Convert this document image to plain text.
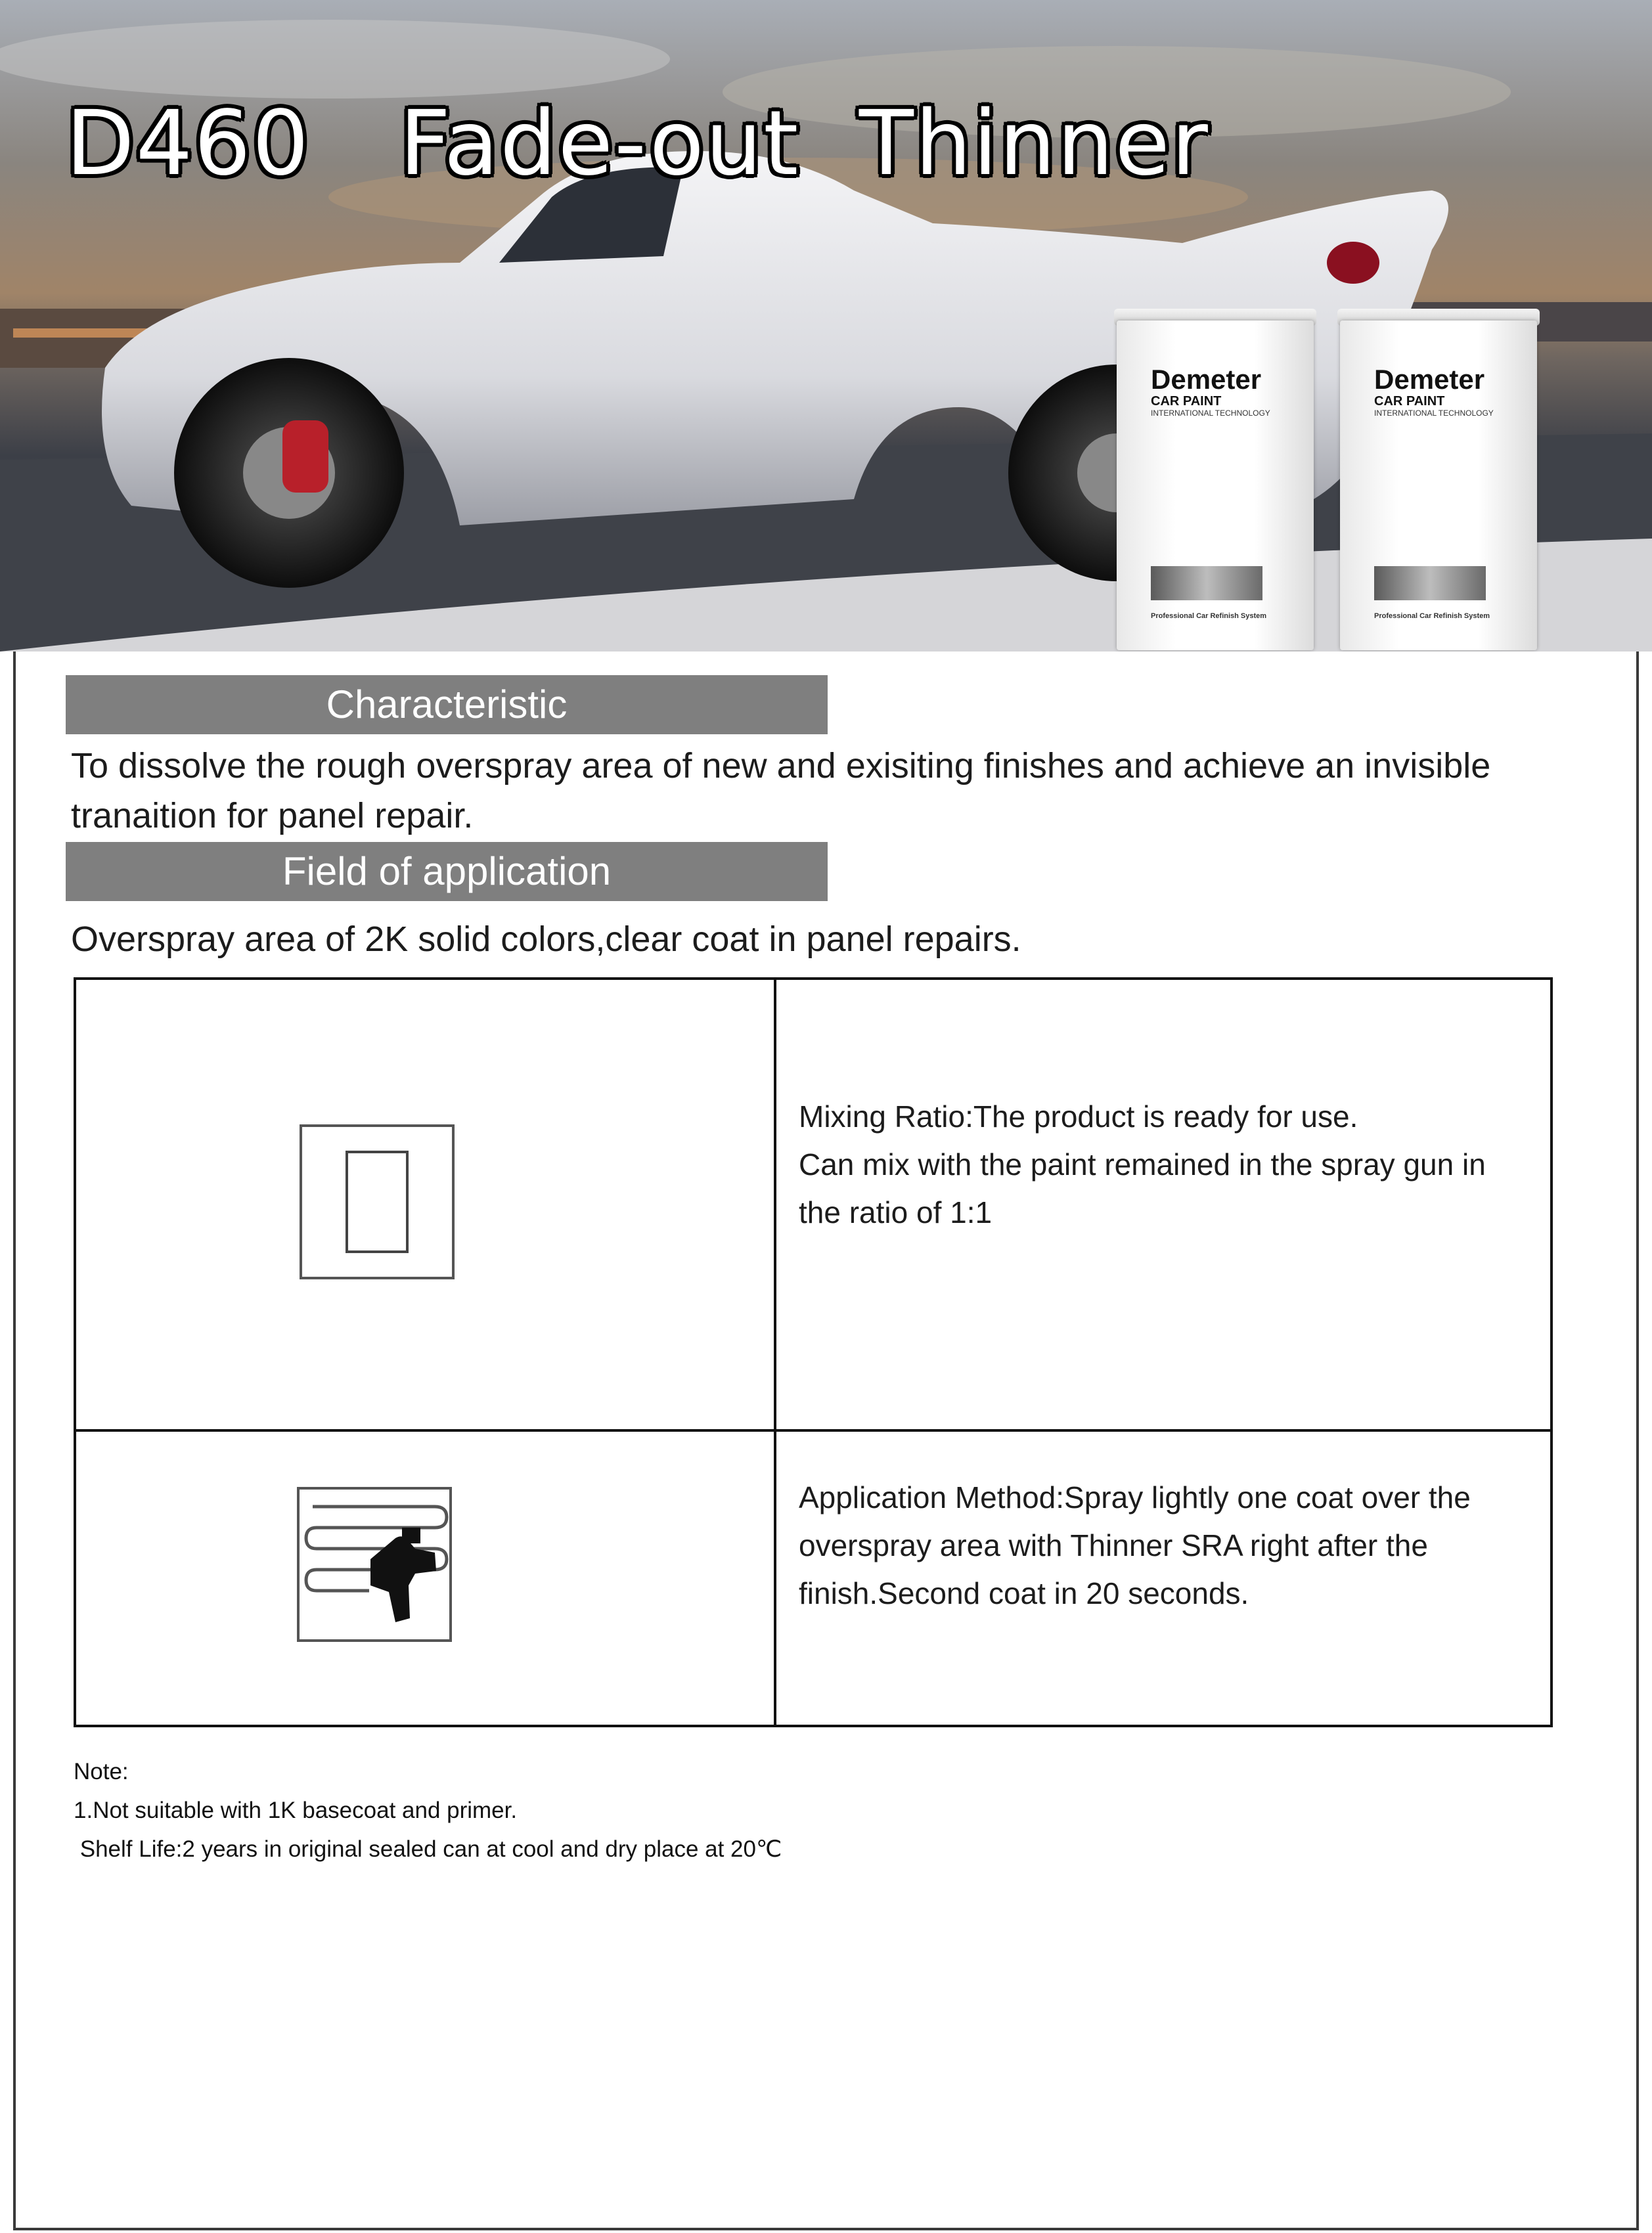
D460   Fade-out  Thinner
Demeter
CAR PAINT
INTERNATIONAL TECHNOLOGY
Professional Car Refinish System
Demeter
CAR PAINT
INTERNATIONAL TECHNOLOGY
Professional Car Refinish System
Characteristic

To dissolve the rough overspray area of new and exisiting finishes and achieve an invisible
tranaition for panel repair.

Field of application

Overspray area of 2K solid colors,clear coat in panel repairs.

Mixing Ratio:The product is ready for use.
Can mix with the paint remained in the spray gun in
the ratio of 1:1
Application Method:Spray lightly one coat over the
overspray area with Thinner SRA right after the
finish.Second coat in 20 seconds.
Note:
1.Not suitable with 1K basecoat and primer.
Shelf Life:2 years in original sealed can at cool and dry place at 20℃
